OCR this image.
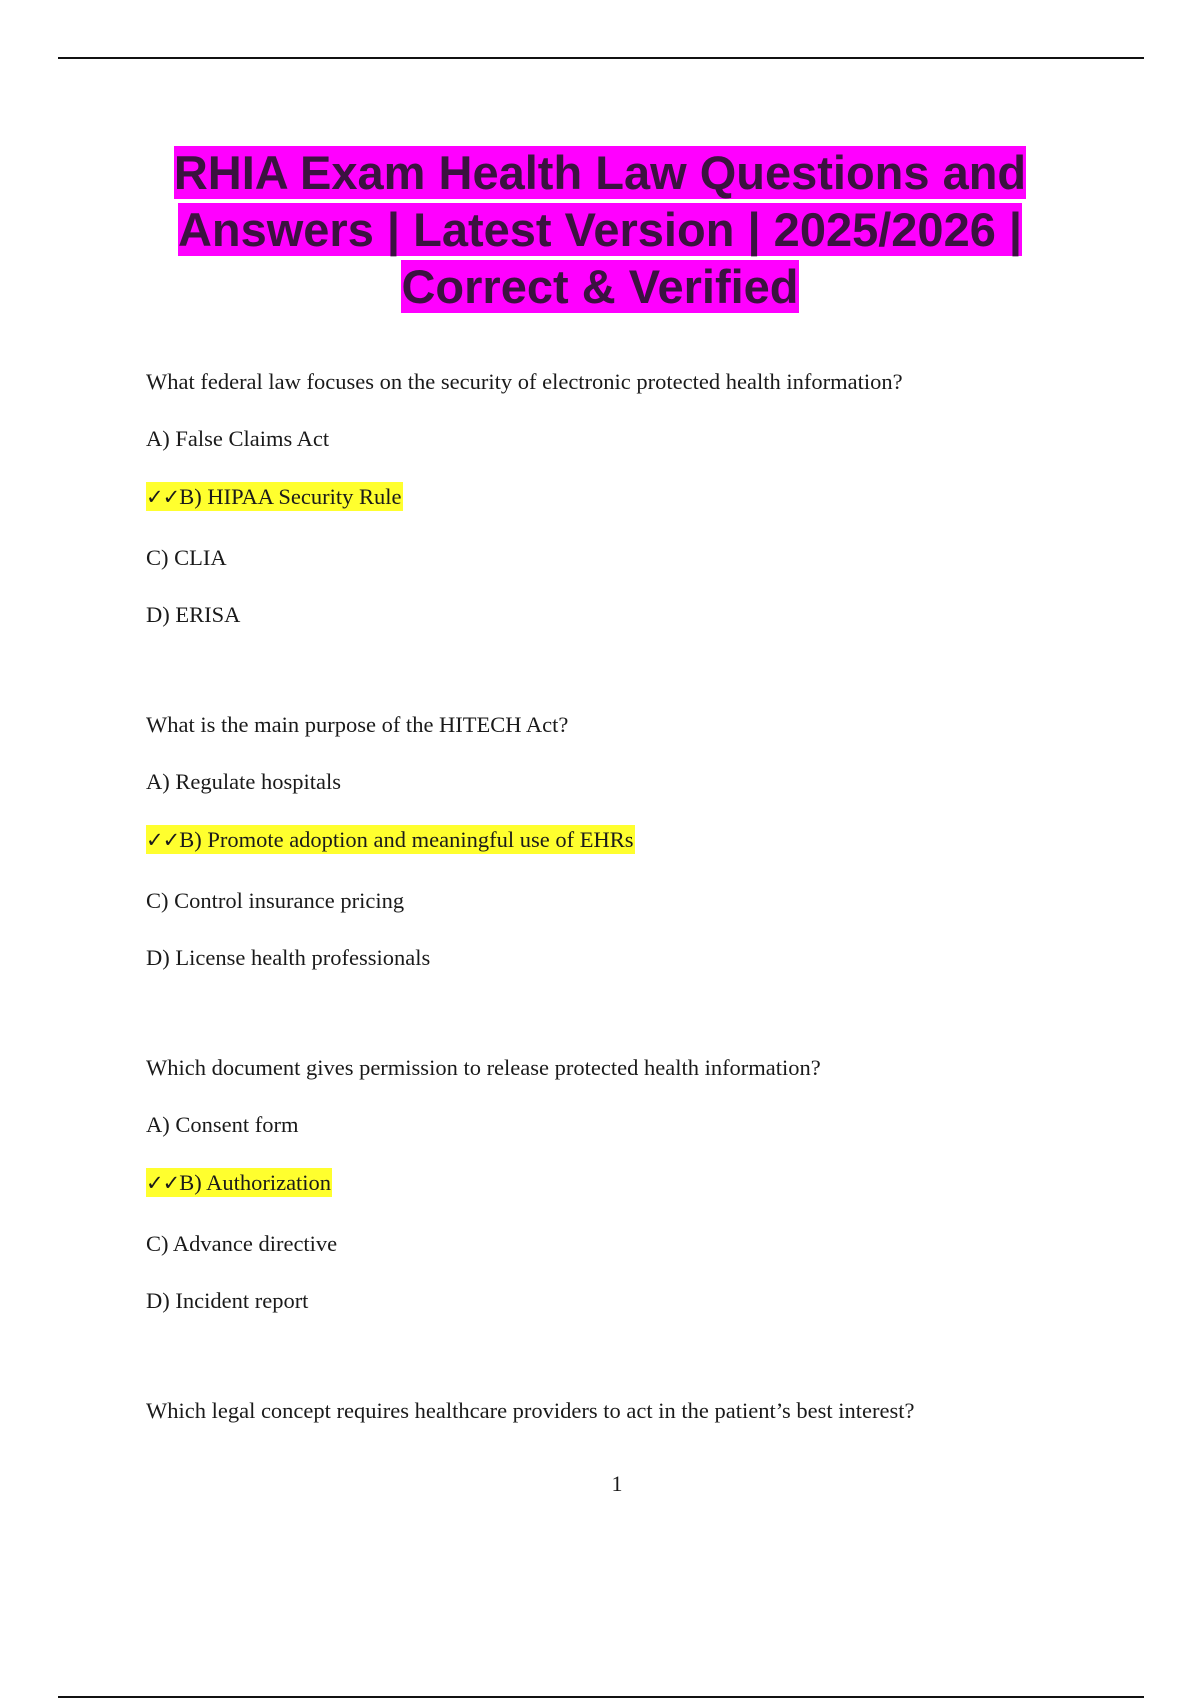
RHIA Exam Health Law Questions and Answers | Latest Version | 2025/2026 | Correct & Verified
What federal law focuses on the security of electronic protected health information?
A) False Claims Act
✓✓B) HIPAA Security Rule
C) CLIA
D) ERISA
What is the main purpose of the HITECH Act?
A) Regulate hospitals
✓✓B) Promote adoption and meaningful use of EHRs
C) Control insurance pricing
D) License health professionals
Which document gives permission to release protected health information?
A) Consent form
✓✓B) Authorization
C) Advance directive
D) Incident report
Which legal concept requires healthcare providers to act in the patient’s best interest?
1
